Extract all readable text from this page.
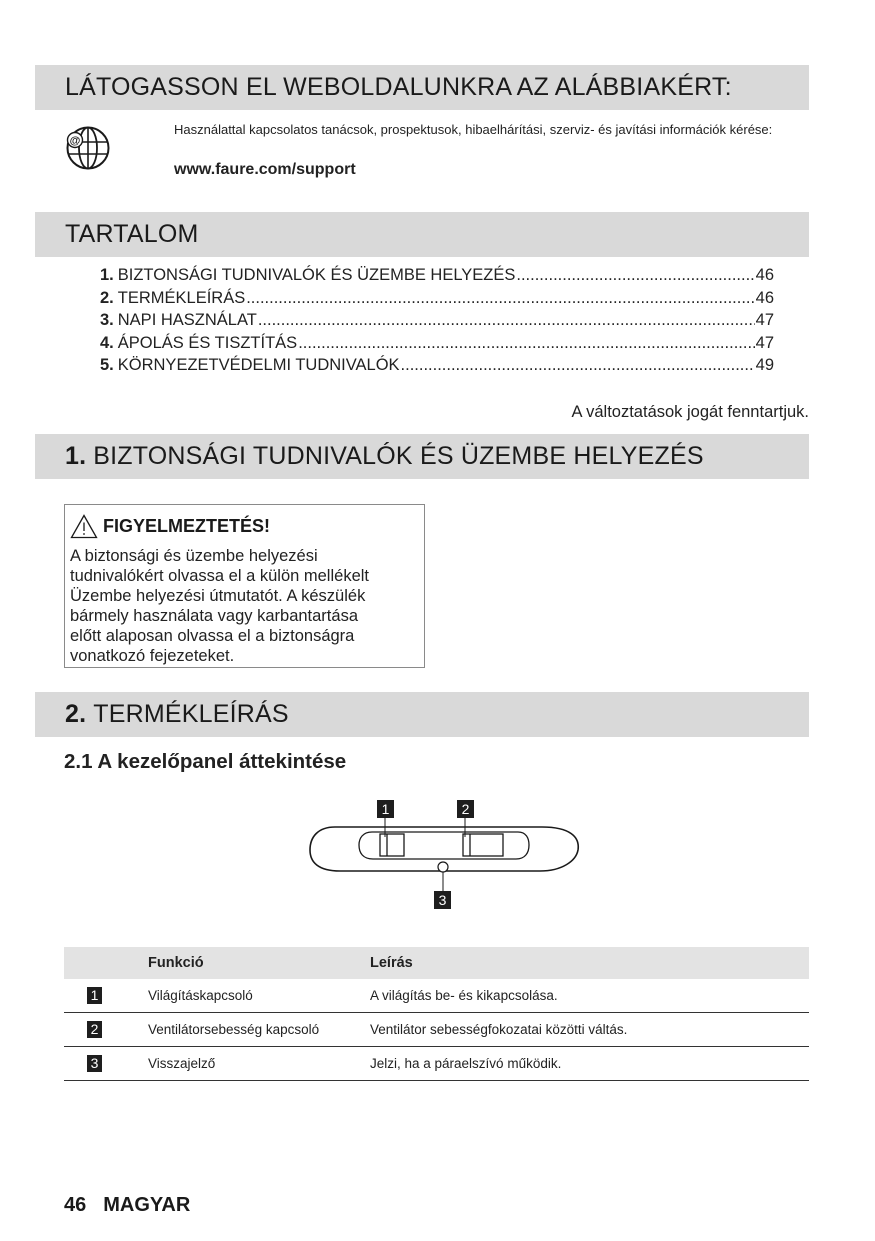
LÁTOGASSON EL WEBOLDALUNKRA AZ ALÁBBIAKÉRT:
@
Használattal kapcsolatos tanácsok, prospektusok, hibaelhárítási, szerviz- és javítási információk kérése:
www.faure.com/support
TARTALOM
1. BIZTONSÁGI TUDNIVALÓK ÉS ÜZEMBE HELYEZÉS .....	46
2. TERMÉKLEÍRÁS .....	46
3. NAPI HASZNÁLAT .....	47
4. ÁPOLÁS ÉS TISZTÍTÁS .....	47
5. KÖRNYEZETVÉDELMI TUDNIVALÓK .....	49
A változtatások jogát fenntartjuk.
1. BIZTONSÁGI TUDNIVALÓK ÉS ÜZEMBE HELYEZÉS
FIGYELMEZTETÉS!
A biztonsági és üzembe helyezési
tudnivalókért olvassa el a külön mellékelt
Üzembe helyezési útmutatót. A készülék
bármely használata vagy karbantartása
előtt alaposan olvassa el a biztonságra
vonatkozó fejezeteket.
2. TERMÉKLEÍRÁS
2.1 A kezelőpanel áttekintése
1	2
3
	Funkció	Leírás
1	Világításkapcsoló	A világítás be- és kikapcsolása.
2	Ventilátorsebesség kapcsoló	Ventilátor sebességfokozatai közötti váltás.
3	Visszajelző	Jelzi, ha a páraelszívó működik.
46 MAGYAR
